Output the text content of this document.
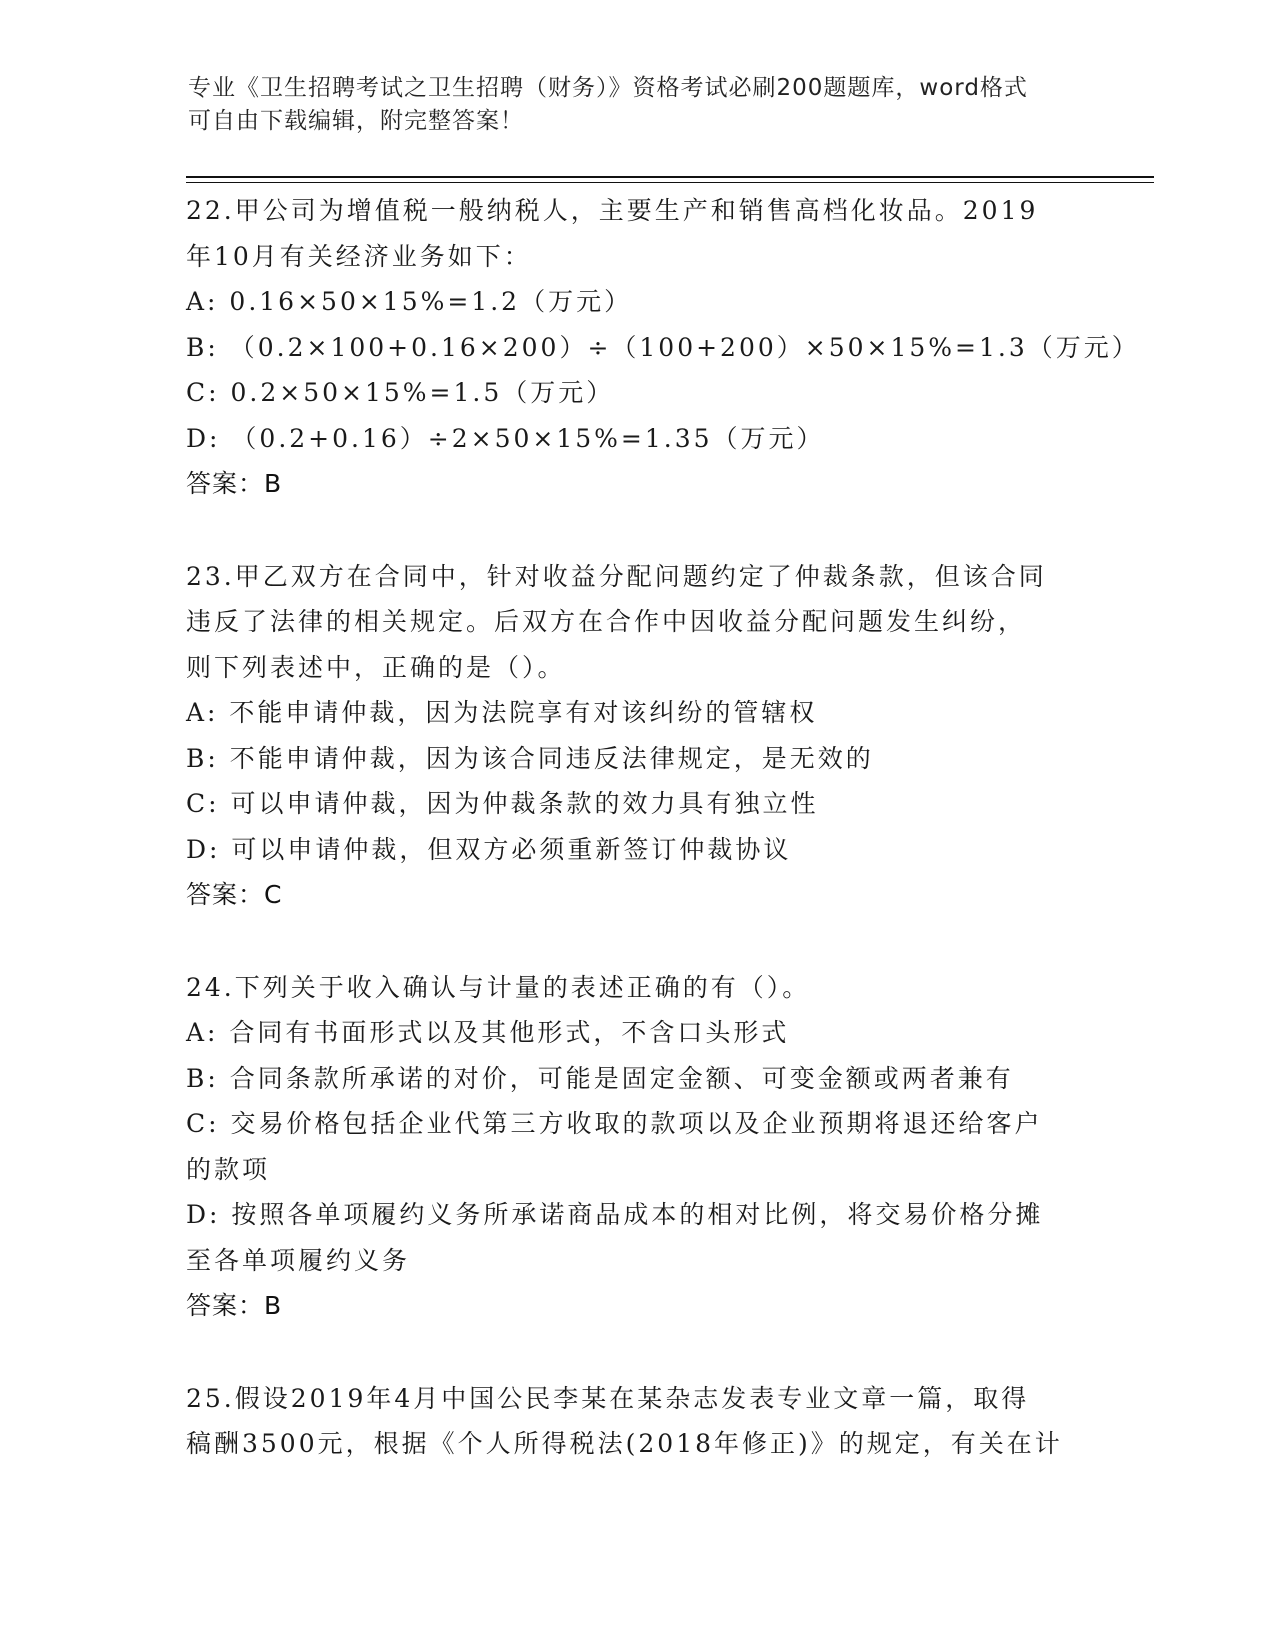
专业《卫生招聘考试之卫生招聘（财务）》资格考试必刷200题题库，word格式
可自由下载编辑，附完整答案！
22.甲公司为增值税一般纳税人，主要生产和销售高档化妆品。2019
年10月有关经济业务如下：
A: 0.16×50×15%=1.2（万元）
B: （0.2×100+0.16×200）÷（100+200）×50×15%=1.3（万元）
C: 0.2×50×15%=1.5（万元）
D: （0.2+0.16）÷2×50×15%=1.35（万元）
答案：B
23.甲乙双方在合同中，针对收益分配问题约定了仲裁条款，但该合同
违反了法律的相关规定。后双方在合作中因收益分配问题发生纠纷，
则下列表述中，正确的是（）。
A: 不能申请仲裁，因为法院享有对该纠纷的管辖权
B: 不能申请仲裁，因为该合同违反法律规定，是无效的
C: 可以申请仲裁，因为仲裁条款的效力具有独立性
D: 可以申请仲裁，但双方必须重新签订仲裁协议
答案：C
24.下列关于收入确认与计量的表述正确的有（）。
A: 合同有书面形式以及其他形式，不含口头形式
B: 合同条款所承诺的对价，可能是固定金额、可变金额或两者兼有
C: 交易价格包括企业代第三方收取的款项以及企业预期将退还给客户
的款项
D: 按照各单项履约义务所承诺商品成本的相对比例，将交易价格分摊
至各单项履约义务
答案：B
25.假设2019年4月中国公民李某在某杂志发表专业文章一篇，取得
稿酬3500元，根据《个人所得税法(2018年修正)》的规定，有关在计
